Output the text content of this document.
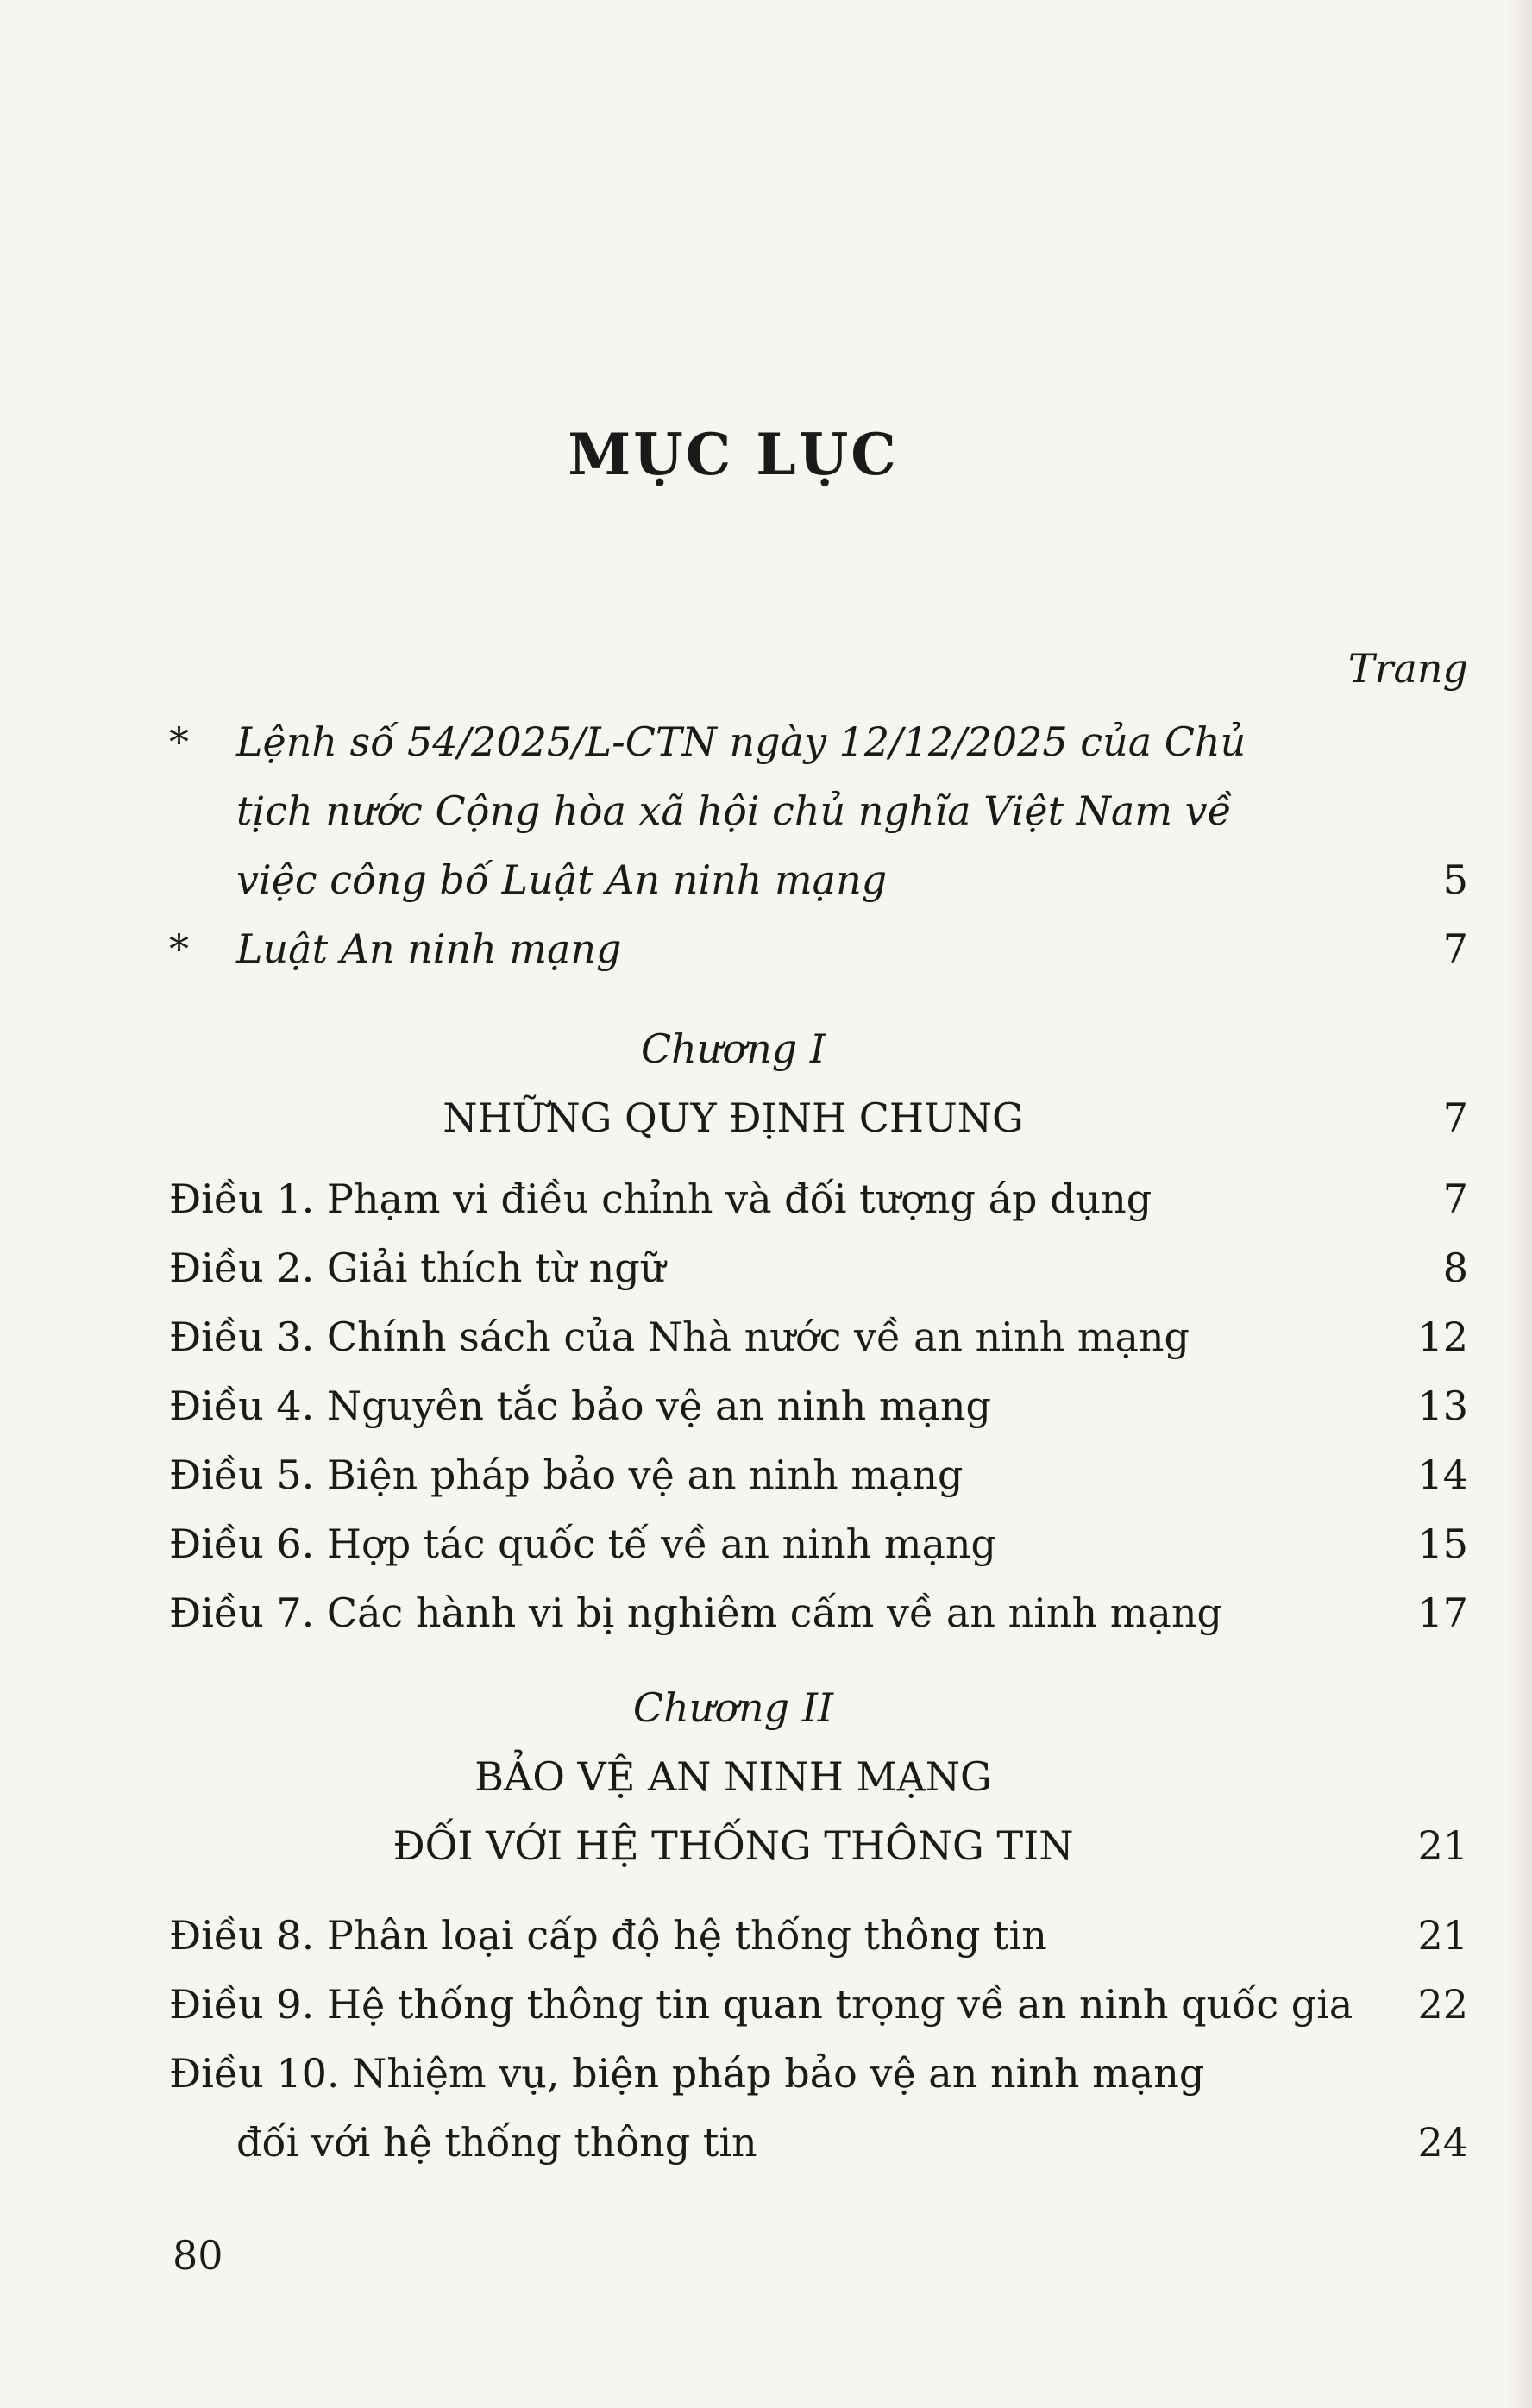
MỤC LỤC
Trang
* Lệnh số 54/2025/L-CTN ngày 12/12/2025 của Chủ
tịch nước Cộng hòa xã hội chủ nghĩa Việt Nam về
việc công bố Luật An ninh mạng	5
* Luật An ninh mạng	7
Chương I
NHỮNG QUY ĐỊNH CHUNG	7
Điều 1. Phạm vi điều chỉnh và đối tượng áp dụng	7
Điều 2. Giải thích từ ngữ	8
Điều 3. Chính sách của Nhà nước về an ninh mạng	12
Điều 4. Nguyên tắc bảo vệ an ninh mạng	13
Điều 5. Biện pháp bảo vệ an ninh mạng	14
Điều 6. Hợp tác quốc tế về an ninh mạng	15
Điều 7. Các hành vi bị nghiêm cấm về an ninh mạng	17
Chương II
BẢO VỆ AN NINH MẠNG
ĐỐI VỚI HỆ THỐNG THÔNG TIN	21
Điều 8. Phân loại cấp độ hệ thống thông tin	21
Điều 9. Hệ thống thông tin quan trọng về an ninh quốc gia 22
Điều 10. Nhiệm vụ, biện pháp bảo vệ an ninh mạng
đối với hệ thống thông tin	24
80
